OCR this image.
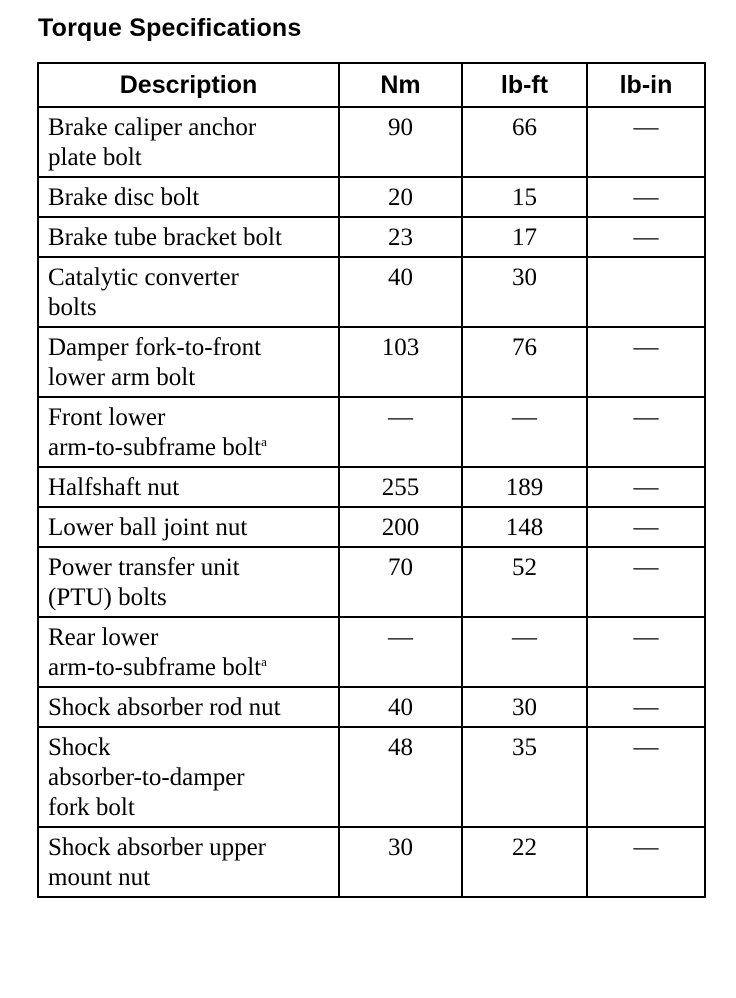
Torque Specifications
Description	Nm	lb-ft	lb-in
Brake caliper anchor
plate bolt	90	66	—
Brake disc bolt	20	15	—
Brake tube bracket bolt	23	17	—
Catalytic converter
bolts	40	30	
Damper fork-to-front
lower arm bolt	103	76	—
Front lower
arm-to-subframe bolt$^a$	—	—	—
Halfshaft nut	255	189	—
Lower ball joint nut	200	148	—
Power transfer unit
(PTU) bolts	70	52	—
Rear lower
arm-to-subframe bolt$^a$	—	—	—
Shock absorber rod nut	40	30	—
Shock
absorber-to-damper
fork bolt	48	35	—
Shock absorber upper
mount nut	30	22	—
